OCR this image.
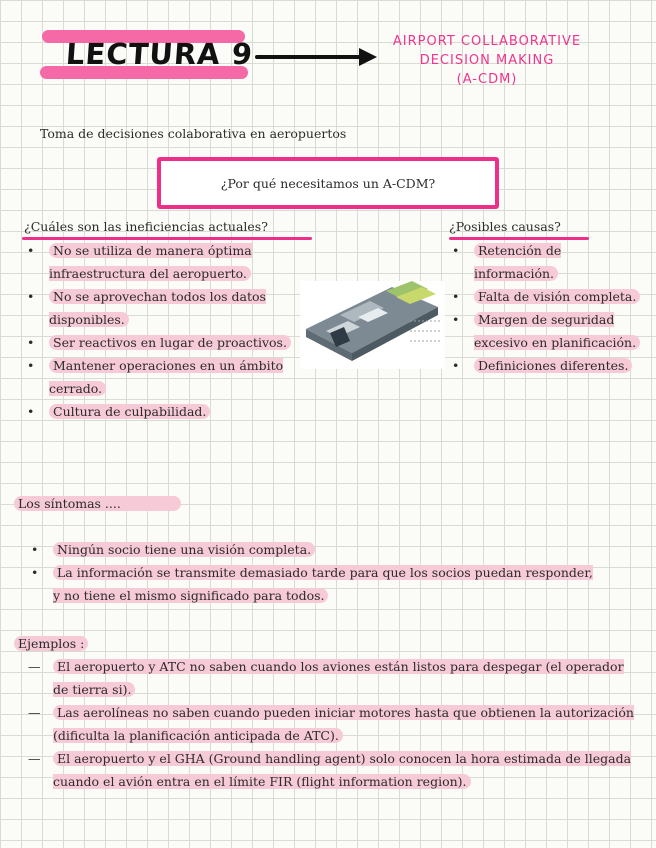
LECTURA 9	AIRPORT COLLABORATIVE
DECISION MAKING
(A-CDM)
Toma de decisiones colaborativa en aeropuertos
¿Por qué necesitamos un A-CDM?
¿Cuáles son las ineficiencias actuales?
• No se utiliza de manera óptima infraestructura del aeropuerto.
• No se aprovechan todos los datos disponibles.
• Ser reactivos en lugar de proactivos.
• Mantener operaciones en un ámbito cerrado.
• Cultura de culpabilidad.
¿Posibles causas?
• Retención de información.
• Falta de visión completa.
• Margen de seguridad excesivo en planificación.
• Definiciones diferentes.
Los síntomas ....
• Ningún socio tiene una visión completa.
• La información se transmite demasiado tarde para que los socios puedan responder, y no tiene el mismo significado para todos.
Ejemplos :
— El aeropuerto y ATC no saben cuando los aviones están listos para despegar (el operador de tierra si).
— Las aerolíneas no saben cuando pueden iniciar motores hasta que obtienen la autorización (dificulta la planificación anticipada de ATC).
— El aeropuerto y el GHA (Ground handling agent) solo conocen la hora estimada de llegada cuando el avión entra en el límite FIR (flight information region).
